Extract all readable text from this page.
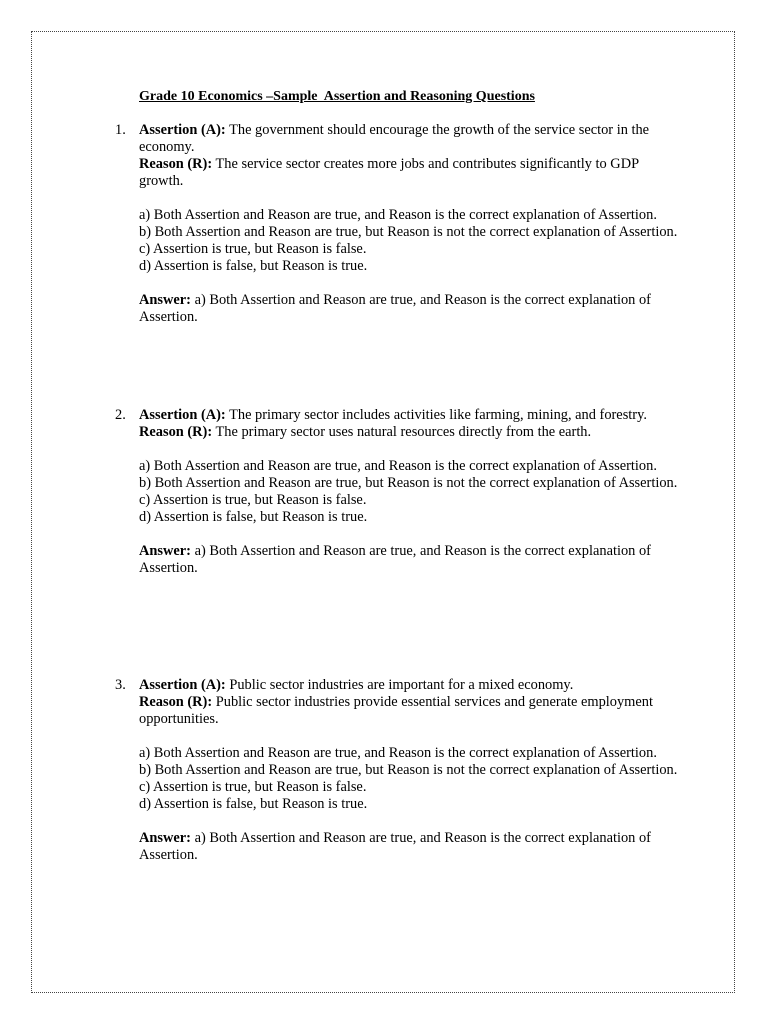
Grade 10 Economics –Sample  Assertion and Reasoning Questions
1. Assertion (A): The government should encourage the growth of the service sector in the economy.
Reason (R): The service sector creates more jobs and contributes significantly to GDP growth.
a) Both Assertion and Reason are true, and Reason is the correct explanation of Assertion.
b) Both Assertion and Reason are true, but Reason is not the correct explanation of Assertion.
c) Assertion is true, but Reason is false.
d) Assertion is false, but Reason is true.
Answer: a) Both Assertion and Reason are true, and Reason is the correct explanation of Assertion.
2. Assertion (A): The primary sector includes activities like farming, mining, and forestry.
Reason (R): The primary sector uses natural resources directly from the earth.
a) Both Assertion and Reason are true, and Reason is the correct explanation of Assertion.
b) Both Assertion and Reason are true, but Reason is not the correct explanation of Assertion.
c) Assertion is true, but Reason is false.
d) Assertion is false, but Reason is true.
Answer: a) Both Assertion and Reason are true, and Reason is the correct explanation of Assertion.
3. Assertion (A): Public sector industries are important for a mixed economy.
Reason (R): Public sector industries provide essential services and generate employment opportunities.
a) Both Assertion and Reason are true, and Reason is the correct explanation of Assertion.
b) Both Assertion and Reason are true, but Reason is not the correct explanation of Assertion.
c) Assertion is true, but Reason is false.
d) Assertion is false, but Reason is true.
Answer: a) Both Assertion and Reason are true, and Reason is the correct explanation of Assertion.
